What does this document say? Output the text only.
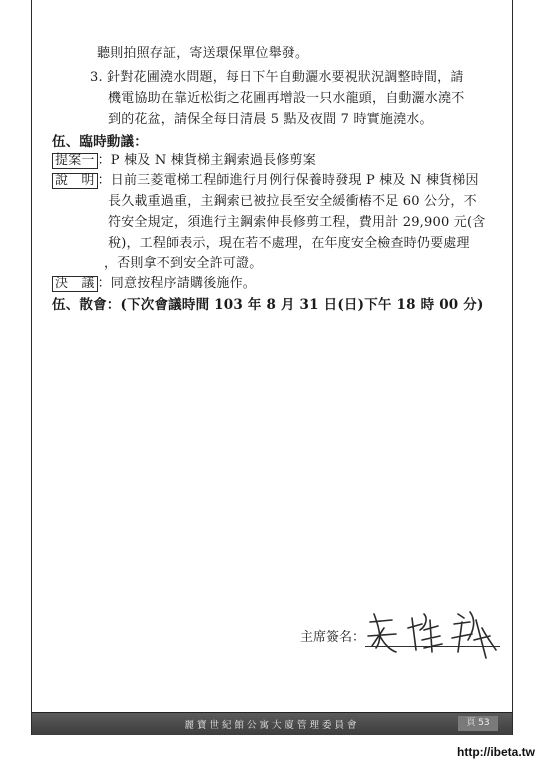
聽則拍照存証，寄送環保單位舉發。
3. 針對花圃澆水問題，每日下午自動灑水要視狀況調整時間，請
機電協助在靠近松街之花圃再增設一只水龍頭，自動灑水澆不
到的花盆，請保全每日清晨 5 點及夜間 7 時實施澆水。
伍、臨時動議：
提案一 ：P 棟及 N 棟貨梯主鋼索過長修剪案
說　明 ：日前三菱電梯工程師進行月例行保養時發現 P 棟及 N 棟貨梯因
長久載重過重，主鋼索已被拉長至安全緩衝樁不足 60 公分，不
符安全規定，須進行主鋼索伸長修剪工程，費用計 29,900 元(含
稅)，工程師表示，現在若不處理，在年度安全檢查時仍要處理
，否則拿不到安全許可證。
決　議 ：同意按程序請購後施作。
伍、散會：(下次會議時間 103 年 8 月 31 日(日)下午 18 時 00 分)
主席簽名：
麗寶世紀館公寓大廈管理委員會	頁 53
http://ibeta.tw
